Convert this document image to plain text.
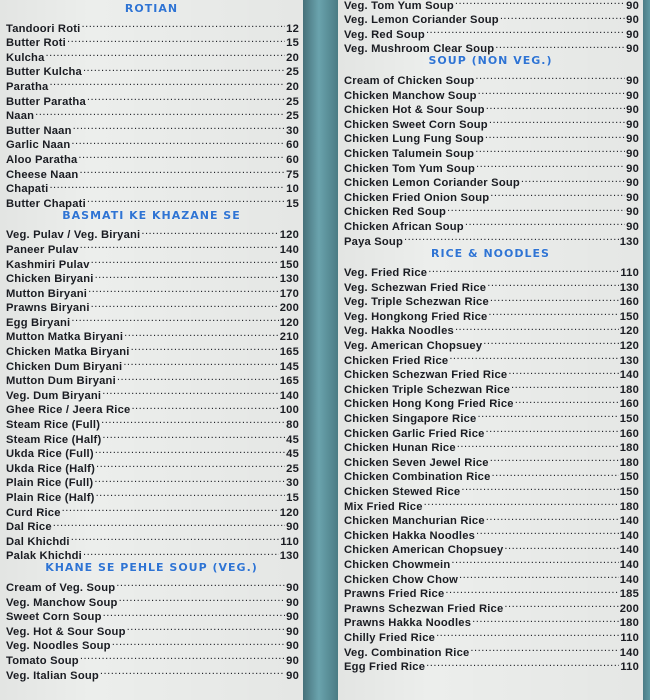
ROTIAN
Tandoori Roti .....	12
Butter Roti .....	15
Kulcha .....	20
Butter Kulcha .....	25
Paratha .....	20
Butter Paratha .....	25
Naan .....	25
Butter Naan .....	30
Garlic Naan .....	60
Aloo Paratha .....	60
Cheese Naan .....	75
Chapati .....	10
Butter Chapati .....	15
BASMATI KE KHAZANE SE
Veg. Pulav / Veg. Biryani .....	120
Paneer Pulav .....	140
Kashmiri Pulav .....	150
Chicken Biryani .....	130
Mutton Biryani .....	170
Prawns Biryani .....	200
Egg Biryani .....	120
Mutton Matka Biryani .....	210
Chicken Matka Biryani .....	165
Chicken Dum Biryani .....	145
Mutton Dum Biryani .....	165
Veg. Dum Biryani .....	140
Ghee Rice / Jeera Rice .....	100
Steam Rice (Full) .....	80
Steam Rice (Half) .....	45
Ukda Rice (Full) .....	45
Ukda Rice (Half) .....	25
Plain Rice (Full) .....	30
Plain Rice (Half) .....	15
Curd Rice .....	120
Dal Rice .....	90
Dal Khichdi .....	110
Palak Khichdi .....	130
KHANE SE PEHLE SOUP (VEG.)
Cream of Veg. Soup .....	90
Veg. Manchow Soup .....	90
Sweet Corn Soup .....	90
Veg. Hot & Sour Soup .....	90
Veg. Noodles Soup .....	90
Tomato Soup .....	90
Veg. Italian Soup .....	90
Veg. Tom Yum Soup .....	90
Veg. Lemon Coriander Soup .....	90
Veg. Red Soup .....	90
Veg. Mushroom Clear Soup .....	90
SOUP (NON VEG.)
Cream of Chicken Soup .....	90
Chicken Manchow Soup .....	90
Chicken Hot & Sour Soup .....	90
Chicken Sweet Corn Soup .....	90
Chicken Lung Fung Soup .....	90
Chicken Talumein Soup .....	90
Chicken Tom Yum Soup .....	90
Chicken Lemon Coriander Soup .....	90
Chicken Fried Onion Soup .....	90
Chicken Red Soup .....	90
Chicken African Soup .....	90
Paya Soup .....	130
RICE & NOODLES
Veg. Fried Rice .....	110
Veg. Schezwan Fried Rice .....	130
Veg. Triple Schezwan Rice .....	160
Veg. Hongkong Fried Rice .....	150
Veg. Hakka Noodles .....	120
Veg. American Chopsuey .....	120
Chicken Fried Rice .....	130
Chicken Schezwan Fried Rice .....	140
Chicken Triple Schezwan Rice .....	180
Chicken Hong Kong Fried Rice .....	160
Chicken Singapore Rice .....	150
Chicken Garlic Fried Rice .....	160
Chicken Hunan Rice .....	180
Chicken Seven Jewel Rice .....	180
Chicken Combination Rice .....	150
Chicken Stewed Rice .....	150
Mix Fried Rice .....	180
Chicken Manchurian Rice .....	140
Chicken Hakka Noodles .....	140
Chicken American Chopsuey .....	140
Chicken Chowmein .....	140
Chicken Chow Chow .....	140
Prawns Fried Rice .....	185
Prawns Schezwan Fried Rice .....	200
Prawns Hakka Noodles .....	180
Chilly Fried Rice .....	110
Veg. Combination Rice .....	140
Egg Fried Rice .....	110
